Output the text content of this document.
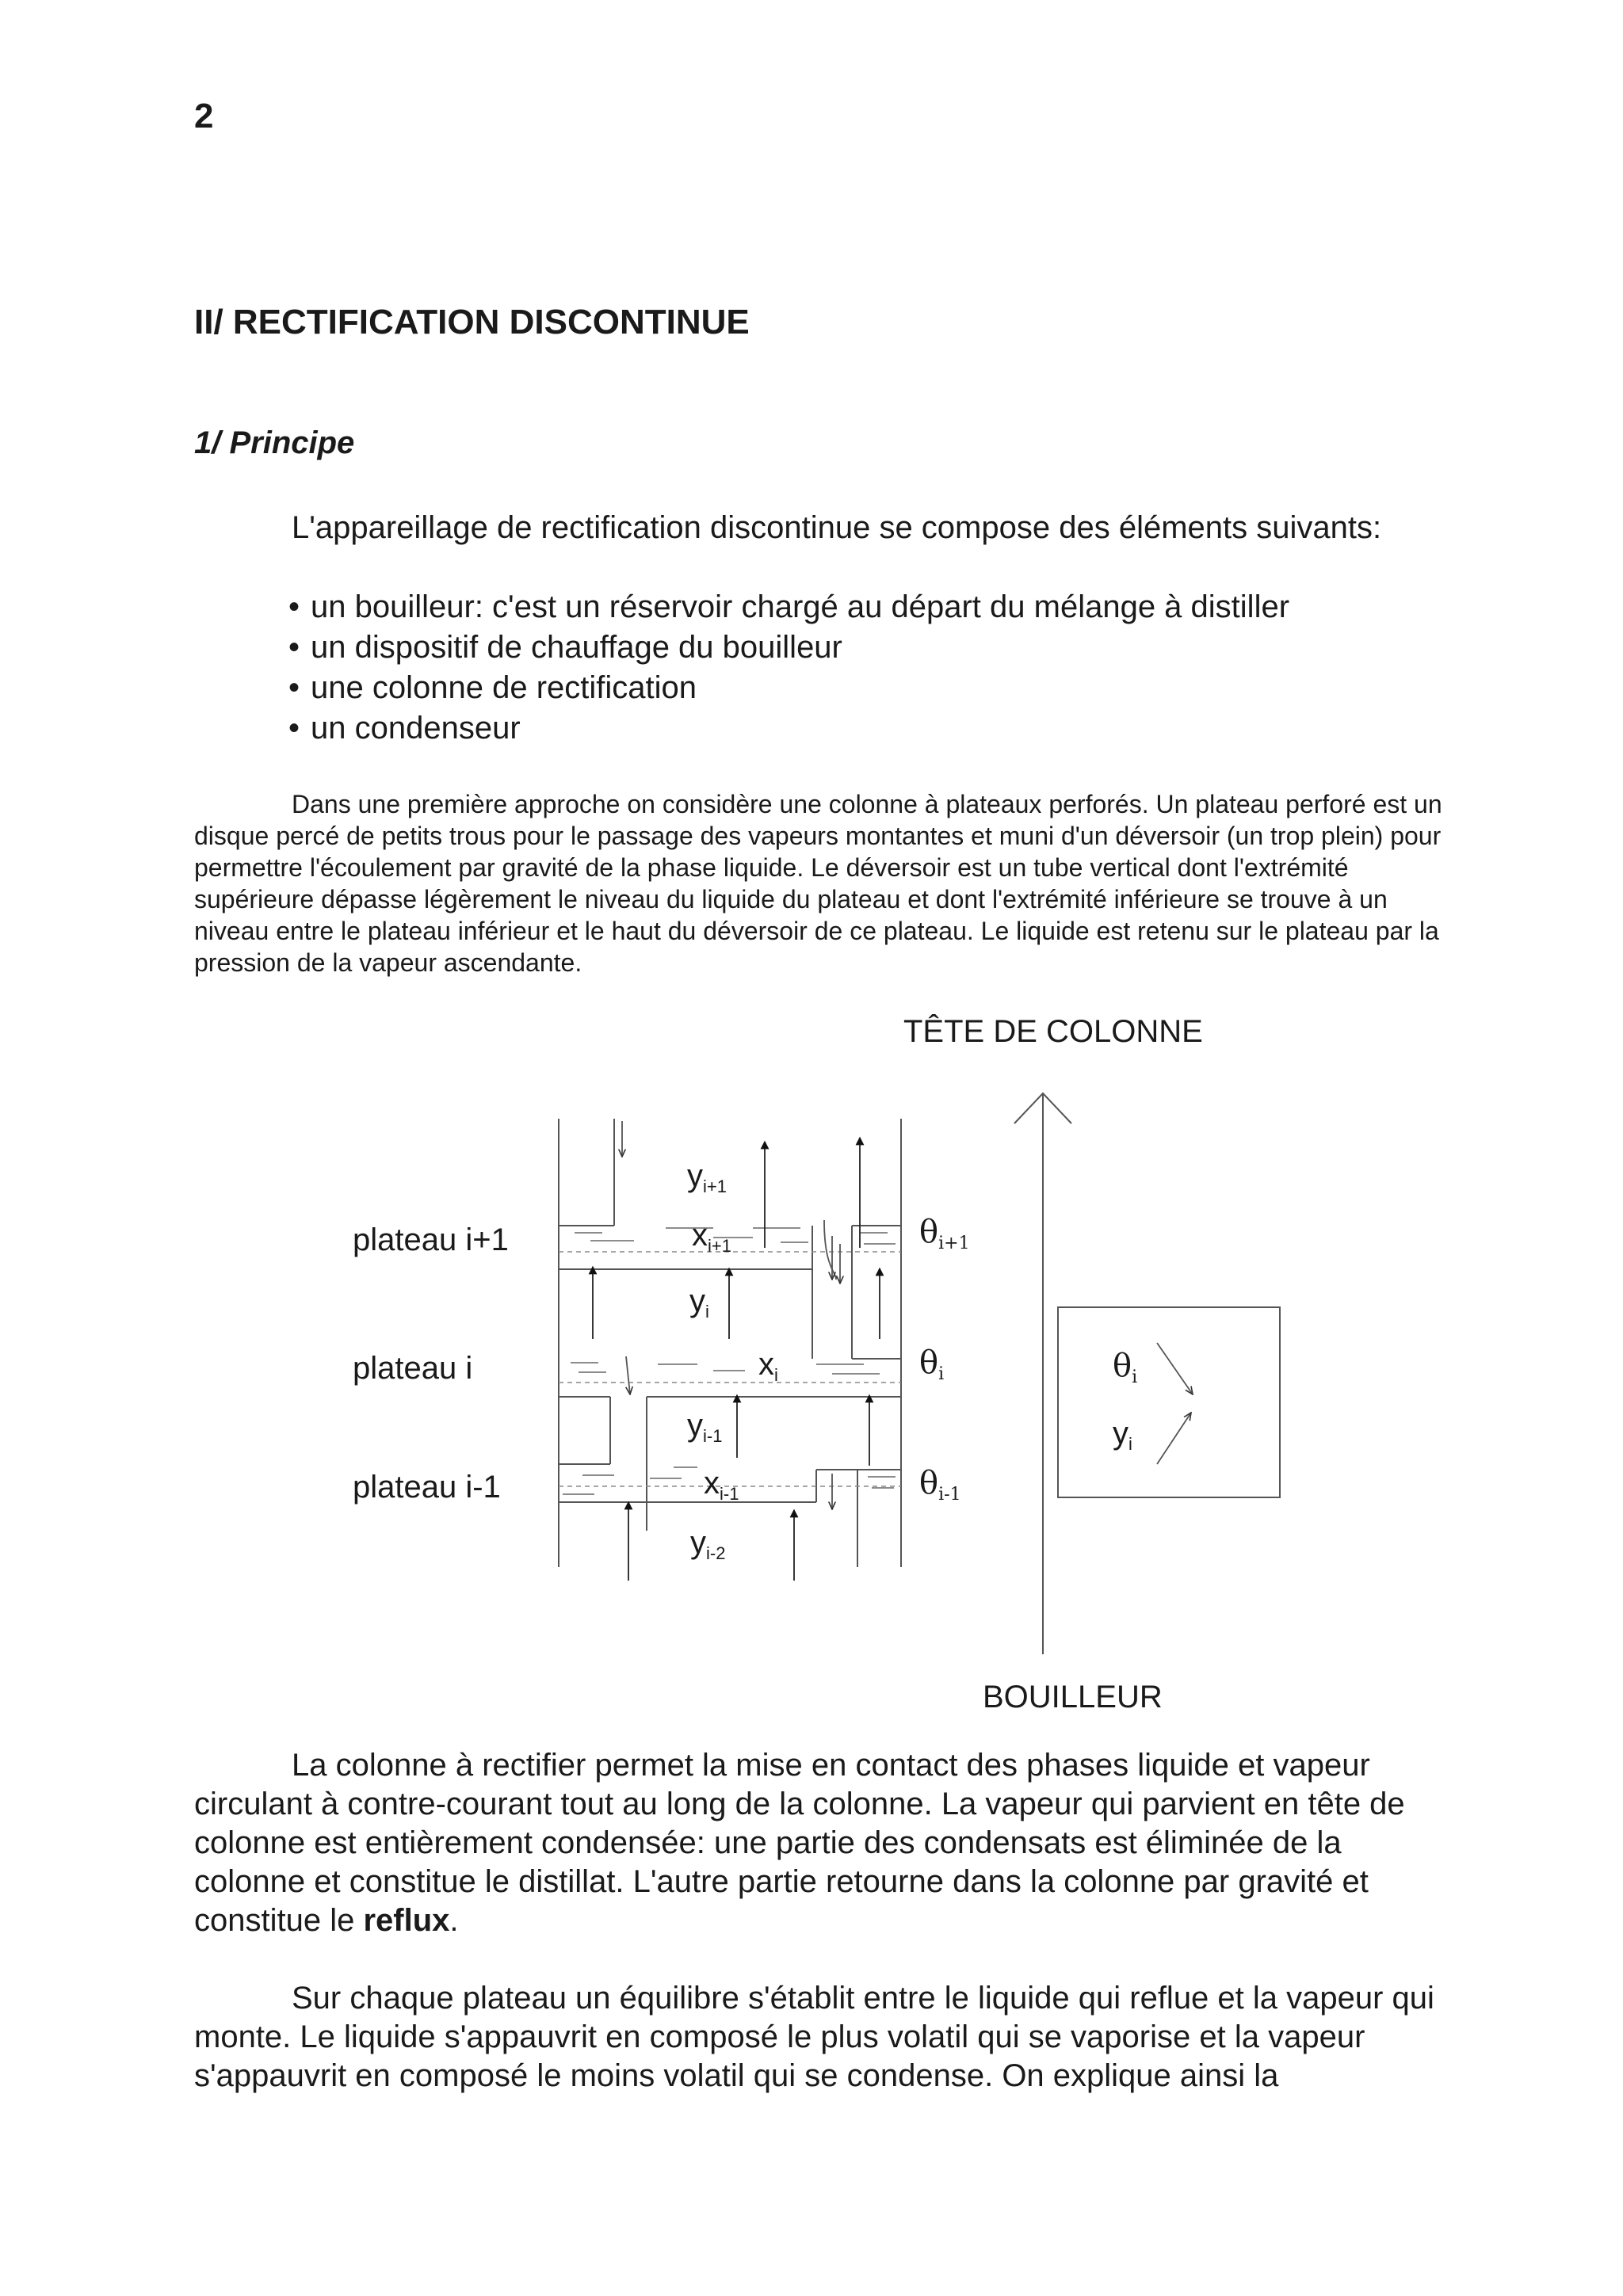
2
II/ RECTIFICATION DISCONTINUE
1/ Principe
L'appareillage de rectification discontinue se compose des éléments suivants:
• un bouilleur: c'est un réservoir chargé au départ du mélange à distiller
• un dispositif de chauffage du bouilleur
• une colonne de rectification
• un condenseur
Dans une première approche on considère une colonne à plateaux perforés. Un plateau perforé est un disque percé de petits trous pour le passage des vapeurs montantes et muni d'un déversoir (un trop plein) pour permettre l'écoulement par gravité de la phase liquide. Le déversoir est un tube vertical dont l'extrémité supérieure dépasse légèrement le niveau du liquide du plateau et dont l'extrémité inférieure se trouve à un niveau entre le plateau inférieur et le haut du déversoir de ce plateau. Le liquide est retenu sur le plateau par la pression de la vapeur ascendante.
TÊTE DE COLONNE
BOUILLEUR
plateau i+1
plateau i
plateau i-1
$y_{i+1}$
$x_{i+1}$
$y_i$
$x_i$
$y_{i-1}$
$x_{i-1}$
$y_{i-2}$
$\theta_{i+1}$
$\theta_i$
$\theta_{i-1}$
$\theta_i$
$y_i$
La colonne à rectifier permet la mise en contact des phases liquide et vapeur circulant à contre-courant tout au long de la colonne. La vapeur qui parvient en tête de colonne est entièrement condensée: une partie des condensats est éliminée de la colonne et constitue le distillat. L'autre partie retourne dans la colonne par gravité et constitue le reflux.
Sur chaque plateau un équilibre s'établit entre le liquide qui reflue et la vapeur qui monte. Le liquide s'appauvrit en composé le plus volatil qui se vaporise et la vapeur s'appauvrit en composé le moins volatil qui se condense. On explique ainsi la
